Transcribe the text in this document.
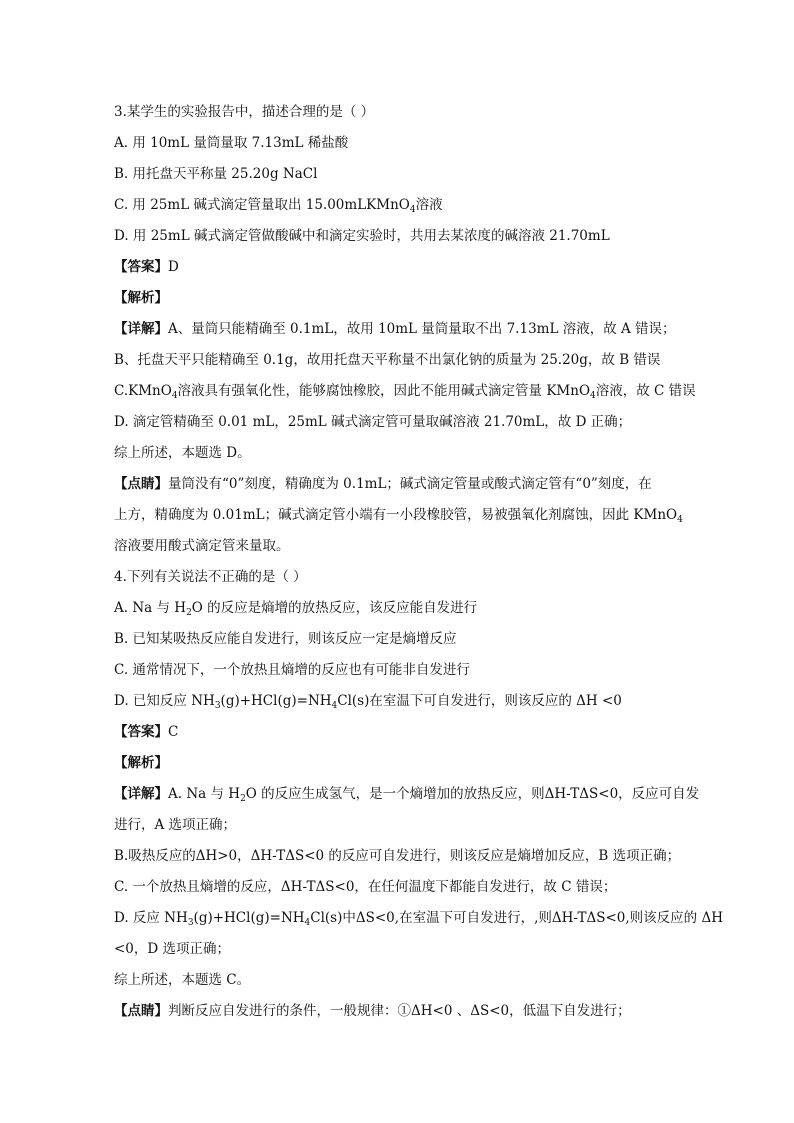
3.某学生的实验报告中，描述合理的是（ ）
A. 用 10mL 量筒量取 7.13mL 稀盐酸
B. 用托盘天平称量 25.20g NaCl
C. 用 25mL 碱式滴定管量取出 15.00mLKMnO$_4$溶液
D. 用 25mL 碱式滴定管做酸碱中和滴定实验时，共用去某浓度的碱溶液 21.70mL
【答案】D
【解析】
【详解】A、量筒只能精确至 0.1mL，故用 10mL 量筒量取不出 7.13mL 溶液，故 A 错误；
B、托盘天平只能精确至 0.1g，故用托盘天平称量不出氯化钠的质量为 25.20g，故 B 错误
C.KMnO$_4$溶液具有强氧化性，能够腐蚀橡胶，因此不能用碱式滴定管量 KMnO$_4$溶液，故 C 错误
D. 滴定管精确至 0.01 mL，25mL 碱式滴定管可量取碱溶液 21.70mL，故 D 正确；
综上所述，本题选 D。
【点睛】量筒没有“0”刻度，精确度为 0.1mL；碱式滴定管量或酸式滴定管有“0”刻度，在
上方，精确度为 0.01mL；碱式滴定管小端有一小段橡胶管，易被强氧化剂腐蚀，因此 KMnO$_4$
溶液要用酸式滴定管来量取。
4.下列有关说法不正确的是（ ）
A. Na 与 $H_2O$ 的反应是熵增的放热反应，该反应能自发进行
B. 已知某吸热反应能自发进行，则该反应一定是熵增反应
C. 通常情况下，一个放热且熵增的反应也有可能非自发进行
D. 已知反应 $NH_3(g)+HCl(g)=NH_4Cl(s)$在室温下可自发进行，则该反应的 ΔH <0
【答案】C
【解析】
【详解】A. Na 与 $H_2O$ 的反应生成氢气，是一个熵增加的放热反应，则ΔH-TΔS<0，反应可自发
进行，A 选项正确；
B.吸热反应的ΔH>0，ΔH-TΔS<0 的反应可自发进行，则该反应是熵增加反应，B 选项正确；
C. 一个放热且熵增的反应，ΔH-TΔS<0，在任何温度下都能自发进行，故 C 错误；
D. 反应 $NH_3(g)+HCl(g)=NH_4Cl(s)$中ΔS<0,在室温下可自发进行，,则ΔH-TΔS<0,则该反应的 ΔH
<0，D 选项正确；
综上所述，本题选 C。
【点睛】判断反应自发进行的条件，一般规律：①ΔH<0 、ΔS<0，低温下自发进行；
